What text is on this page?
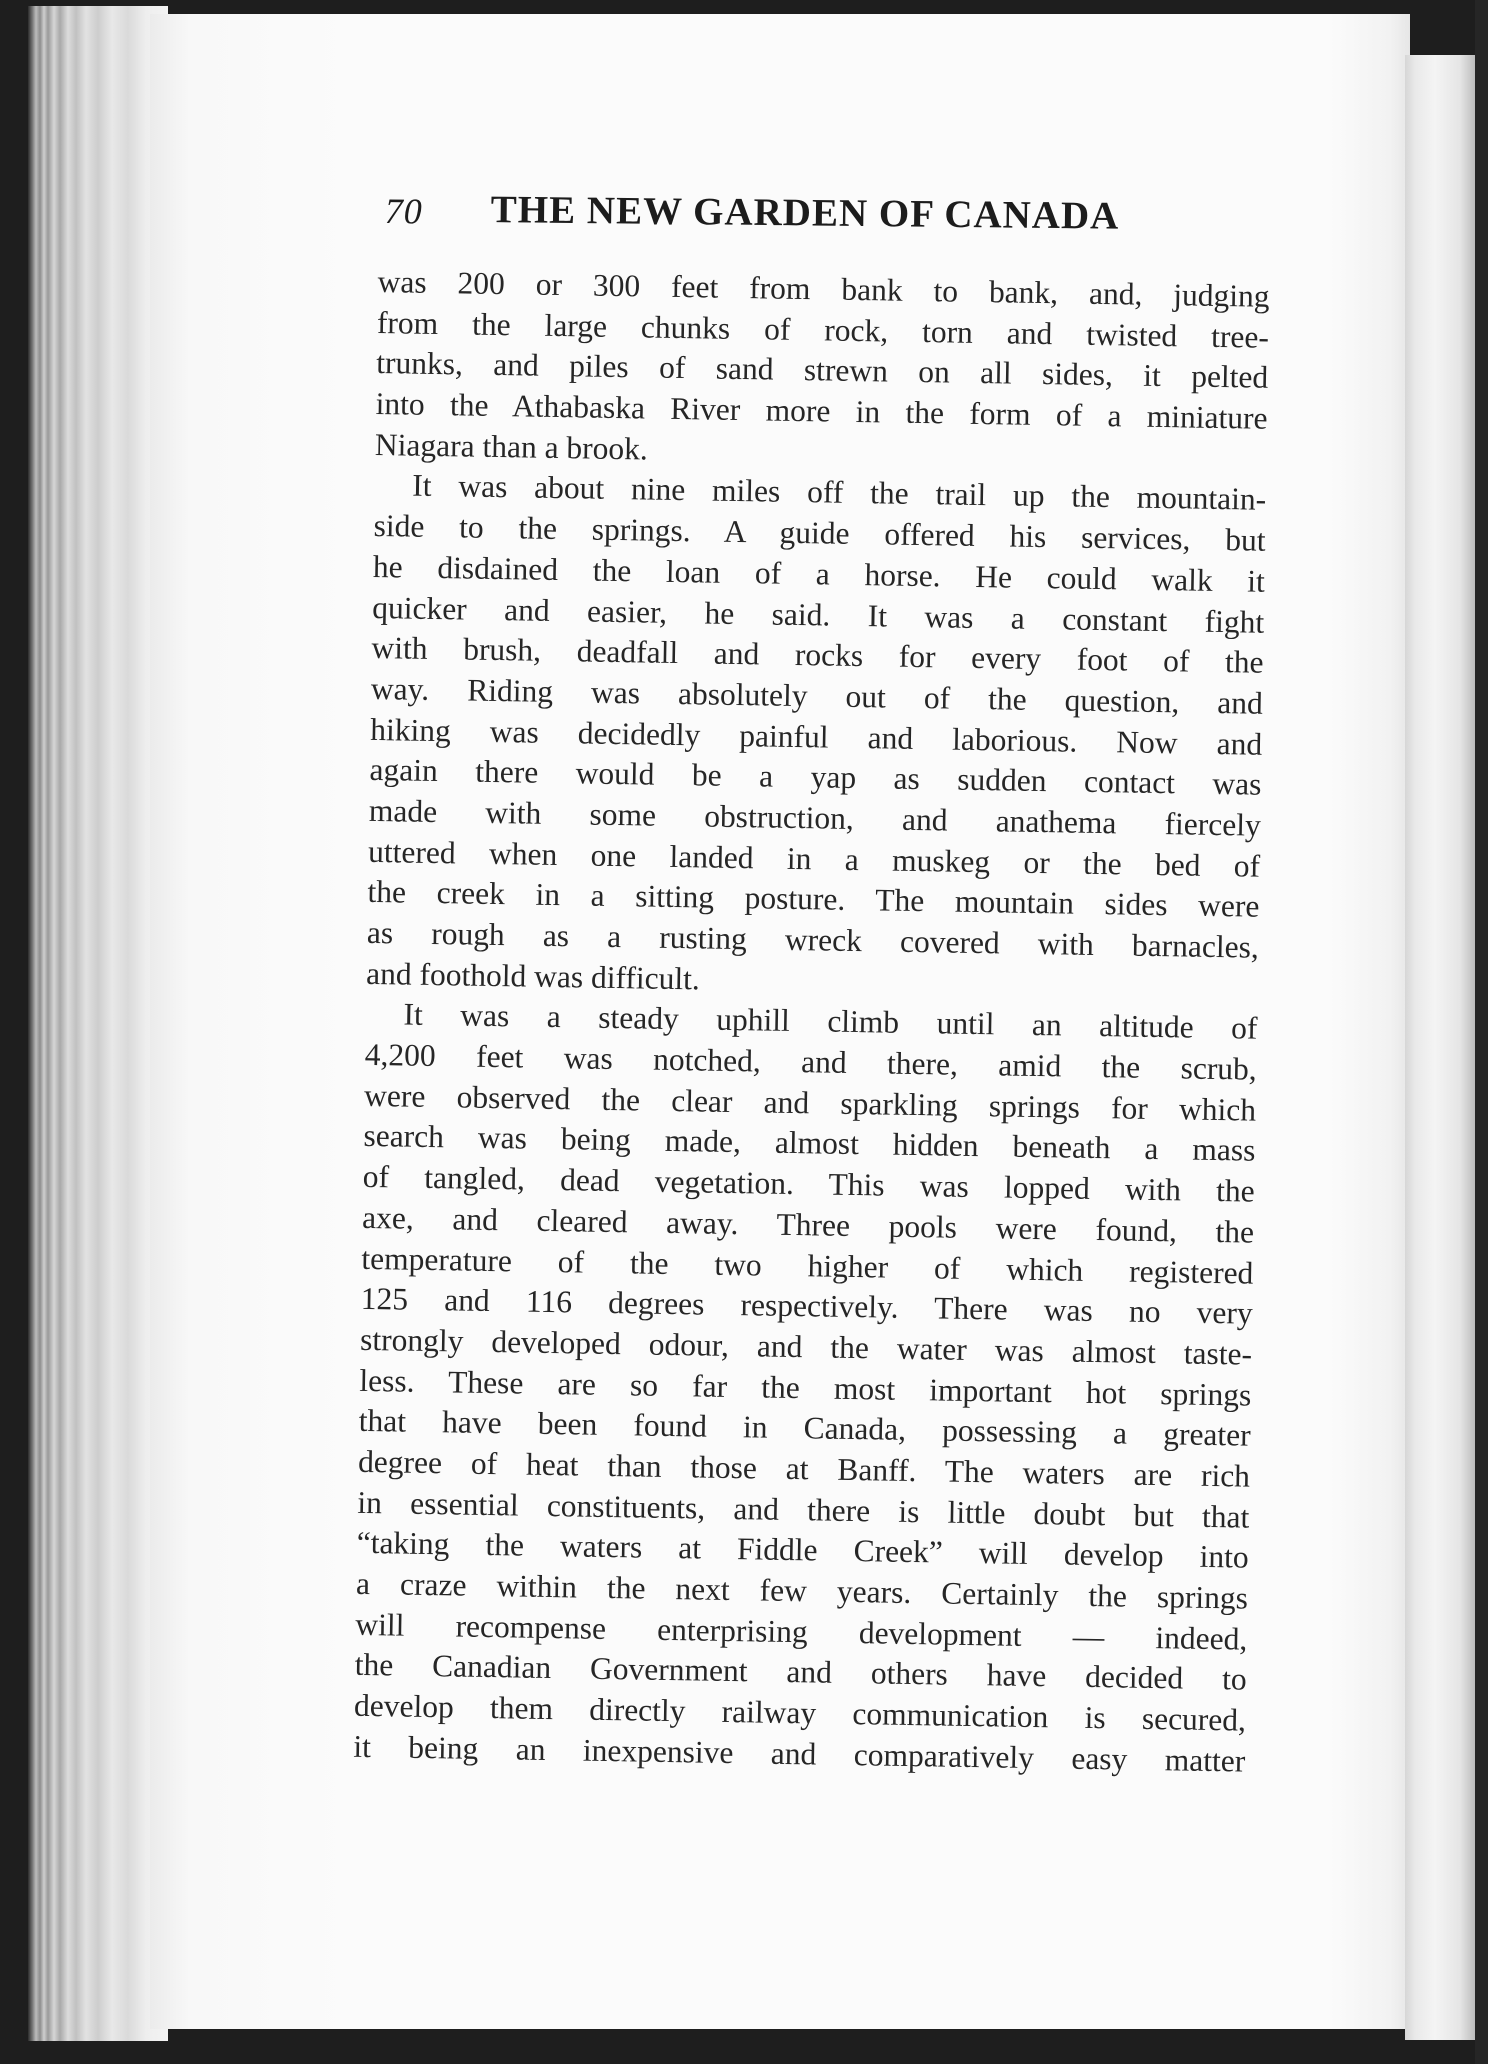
70 THE NEW GARDEN OF CANADA
was 200 or 300 feet from bank to bank, and, judging
from the large chunks of rock, torn and twisted tree-
trunks, and piles of sand strewn on all sides, it pelted
into the Athabaska River more in the form of a miniature
Niagara than a brook.
It was about nine miles off the trail up the mountain-
side to the springs. A guide offered his services, but
he disdained the loan of a horse. He could walk it
quicker and easier, he said. It was a constant fight
with brush, deadfall and rocks for every foot of the
way. Riding was absolutely out of the question, and
hiking was decidedly painful and laborious. Now and
again there would be a yap as sudden contact was
made with some obstruction, and anathema fiercely
uttered when one landed in a muskeg or the bed of
the creek in a sitting posture. The mountain sides were
as rough as a rusting wreck covered with barnacles,
and foothold was difficult.
It was a steady uphill climb until an altitude of
4,200 feet was notched, and there, amid the scrub,
were observed the clear and sparkling springs for which
search was being made, almost hidden beneath a mass
of tangled, dead vegetation. This was lopped with the
axe, and cleared away. Three pools were found, the
temperature of the two higher of which registered
125 and 116 degrees respectively. There was no very
strongly developed odour, and the water was almost taste-
less. These are so far the most important hot springs
that have been found in Canada, possessing a greater
degree of heat than those at Banff. The waters are rich
in essential constituents, and there is little doubt but that
“taking the waters at Fiddle Creek” will develop into
a craze within the next few years. Certainly the springs
will recompense enterprising development — indeed,
the Canadian Government and others have decided to
develop them directly railway communication is secured,
it being an inexpensive and comparatively easy matter
